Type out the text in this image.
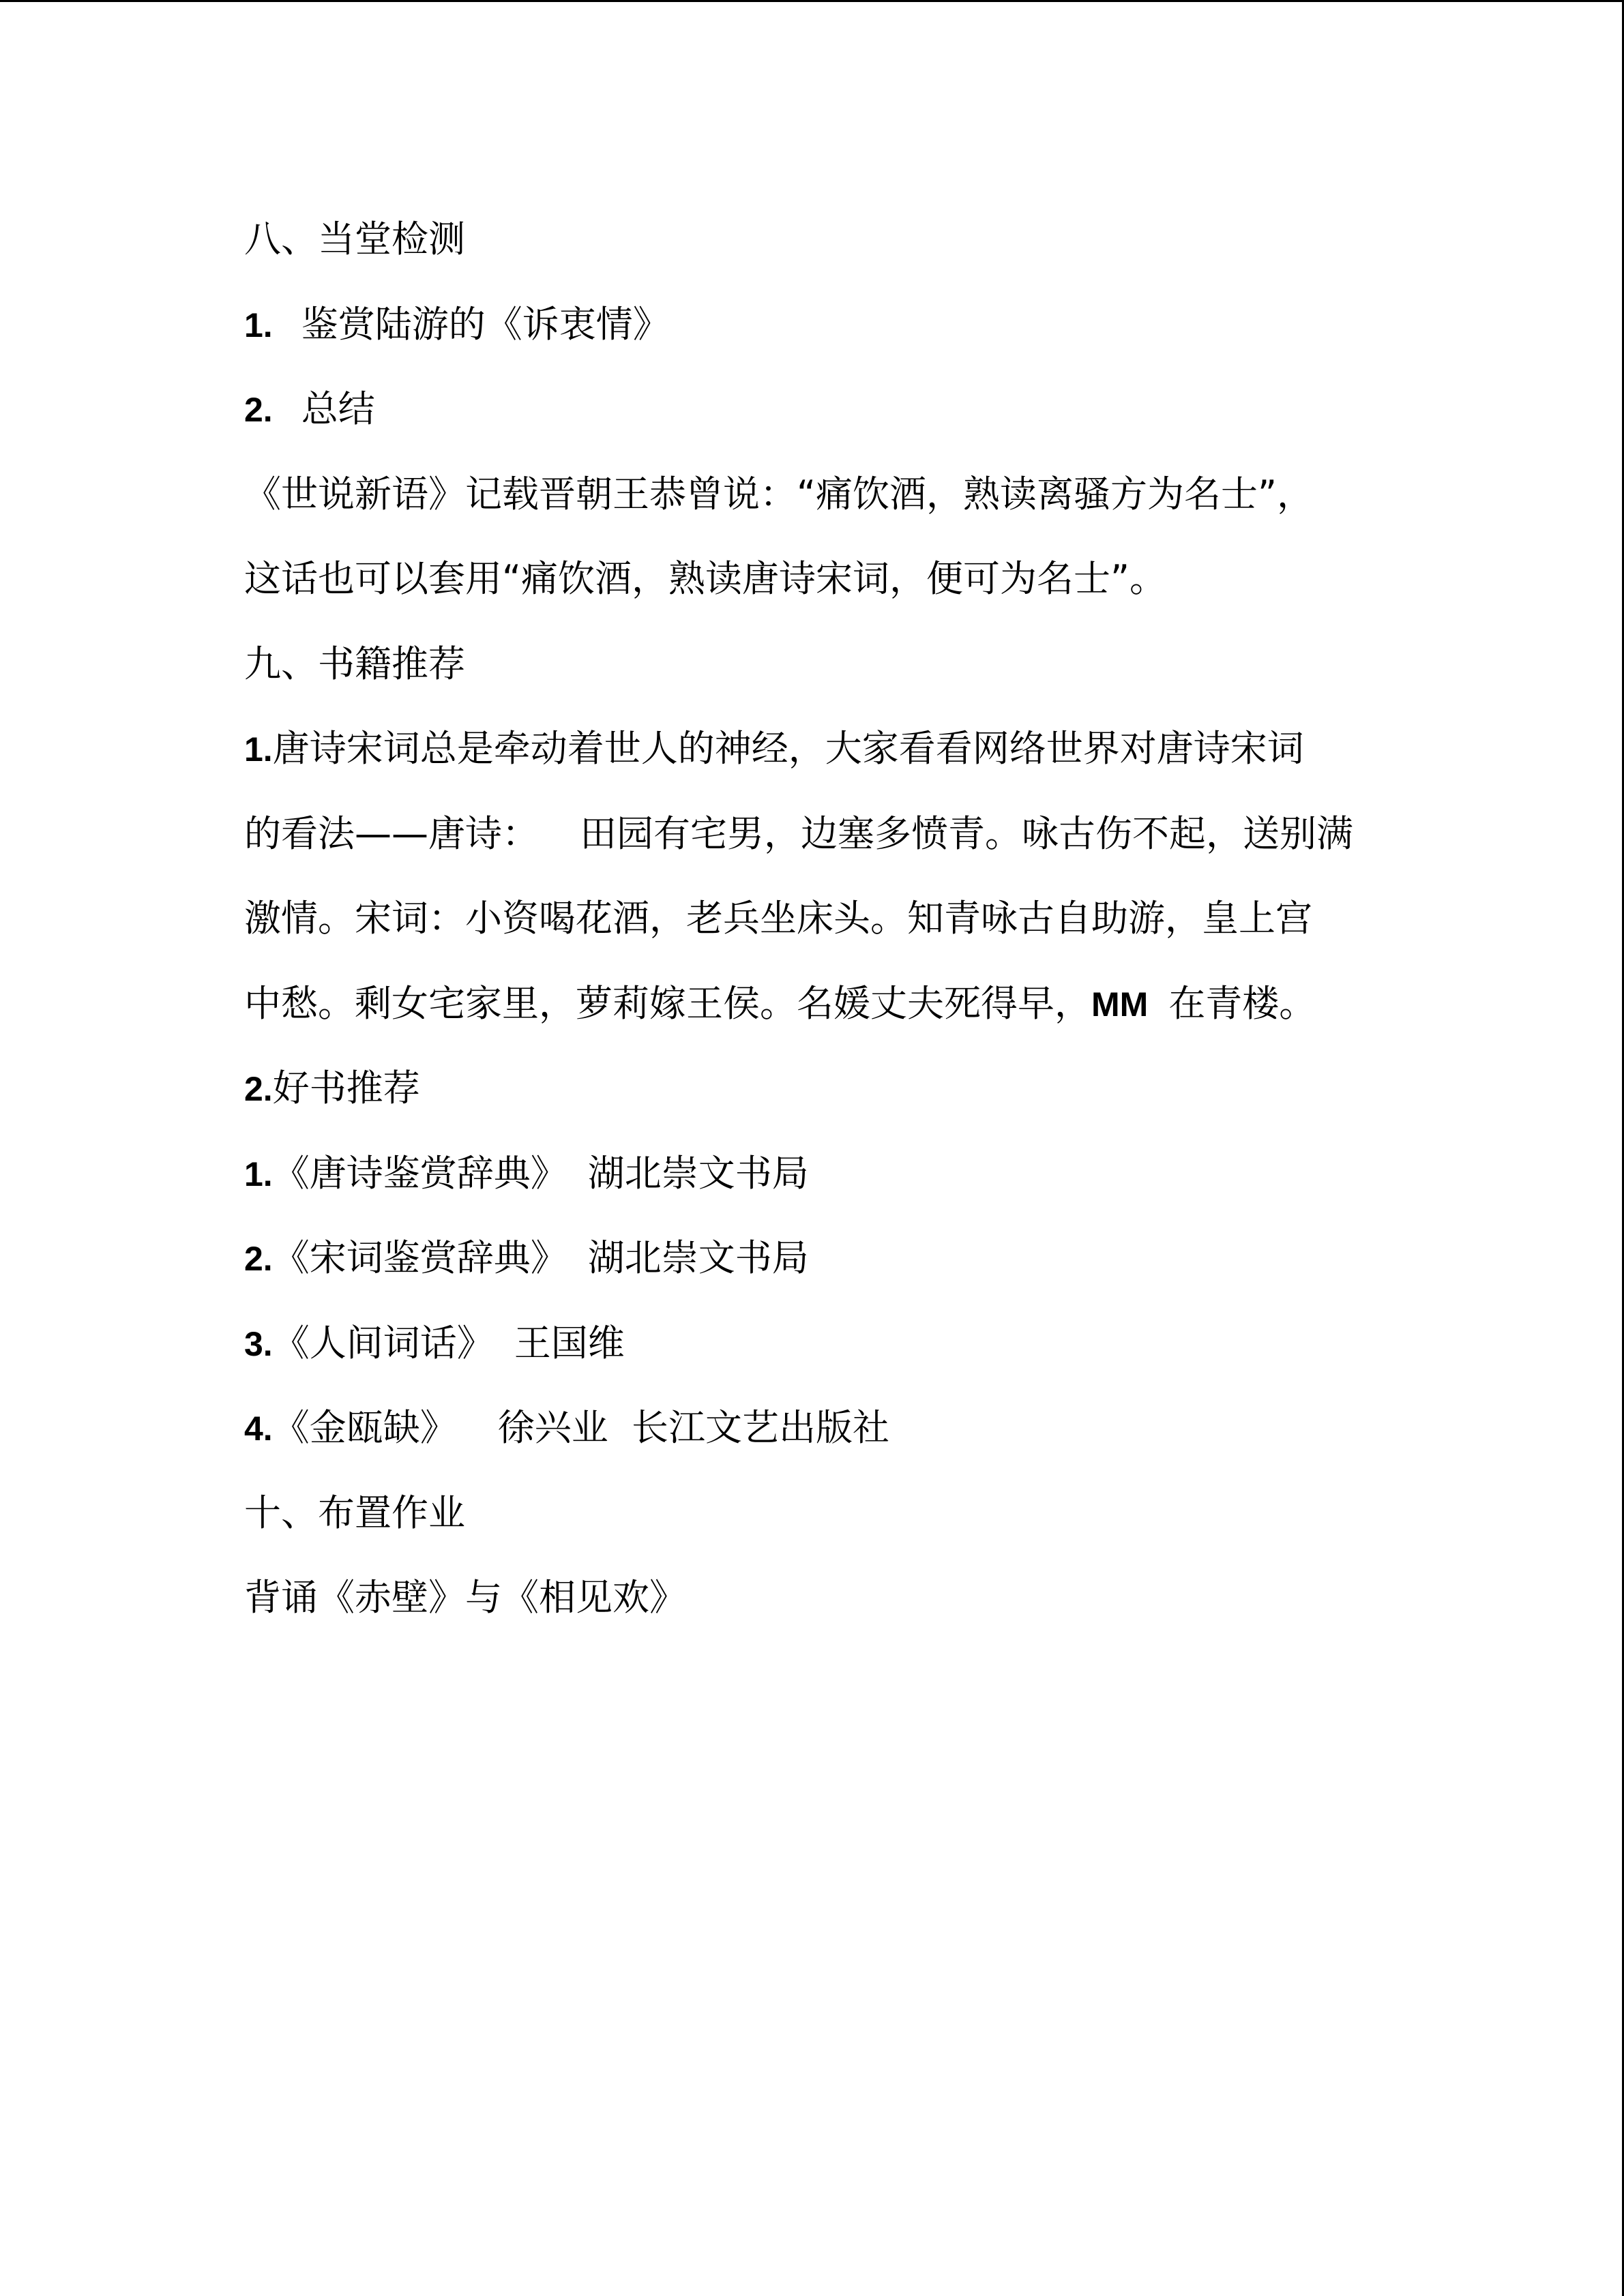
八、当堂检测
1. 鉴赏陆游的《诉衷情》
2. 总结
《世说新语》记载晋朝王恭曾说：“痛饮酒，熟读离骚方为名士”，
这话也可以套用“痛饮酒，熟读唐诗宋词，便可为名士”。
九、书籍推荐
1.唐诗宋词总是牵动着世人的神经，大家看看网络世界对唐诗宋词
的看法——唐诗： 田园有宅男，边塞多愤青。咏古伤不起，送别满
激情。宋词：小资喝花酒，老兵坐床头。知青咏古自助游，皇上宫
中愁。剩女宅家里，萝莉嫁王侯。名媛丈夫死得早，MM 在青楼。
2.好书推荐
1.《唐诗鉴赏辞典》 湖北崇文书局
2.《宋词鉴赏辞典》 湖北崇文书局
3.《人间词话》 王国维
4.《金瓯缺》 徐兴业  长江文艺出版社
十、布置作业
背诵《赤壁》与《相见欢》
